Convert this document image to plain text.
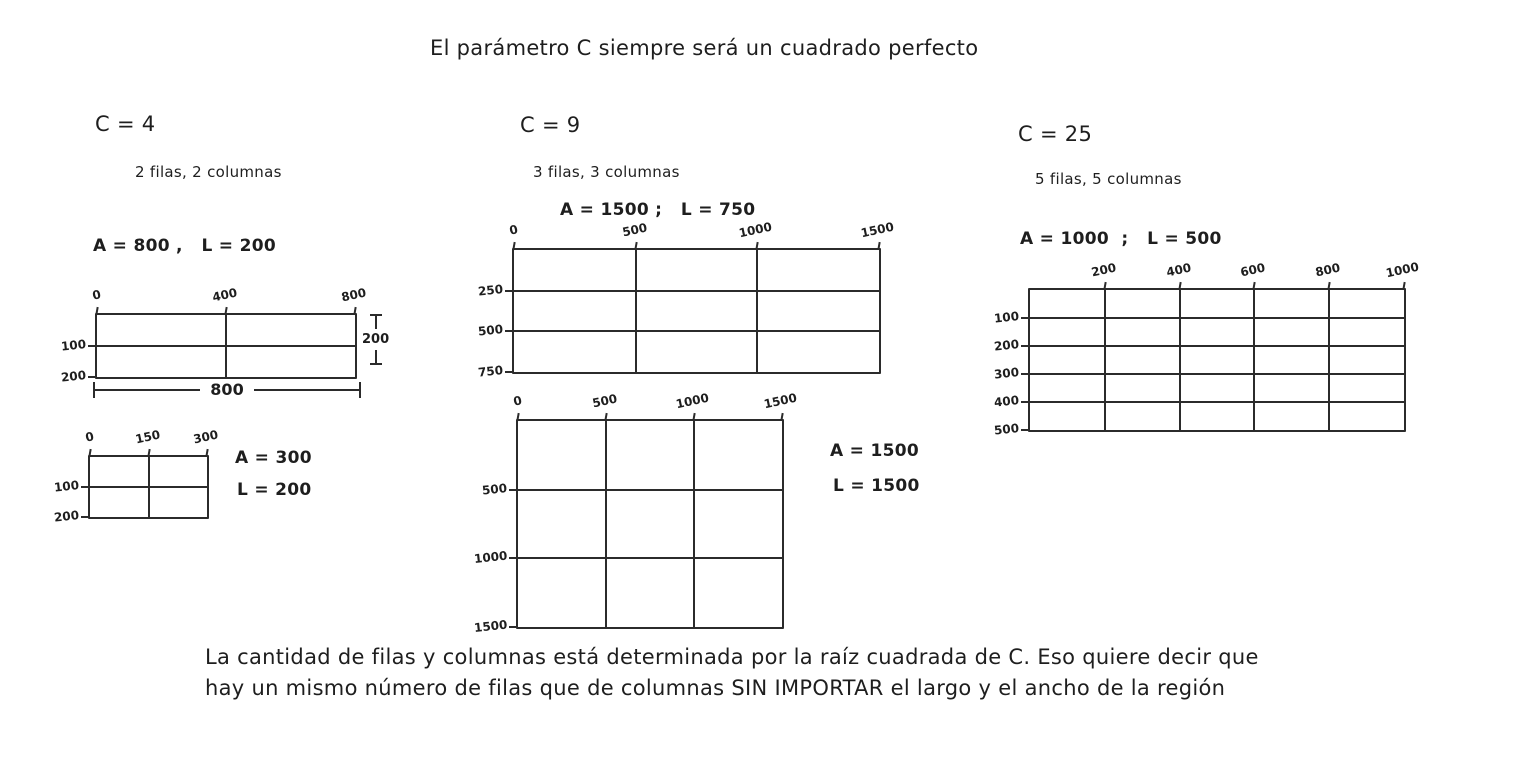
El parámetro C siempre será un cuadrado perfecto
C = 4
2 filas, 2 columnas
A = 800 ,   L = 200
0	400	800
100
200
800
200
0	150	300
100
200
A = 300
L = 200
C = 9
3 filas, 3 columnas
A = 1500 ;   L = 750
0	500	1000	1500
250
500
750
0	500	1000	1500
500
1000
1500
A = 1500
L = 1500
C = 25
5 filas, 5 columnas
A = 1000  ;   L = 500
200	400	600	800	1000
100
200
300
400
500
La cantidad de filas y columnas está determinada por la raíz cuadrada de C. Eso quiere decir que
hay un mismo número de filas que de columnas SIN IMPORTAR el largo y el ancho de la región
